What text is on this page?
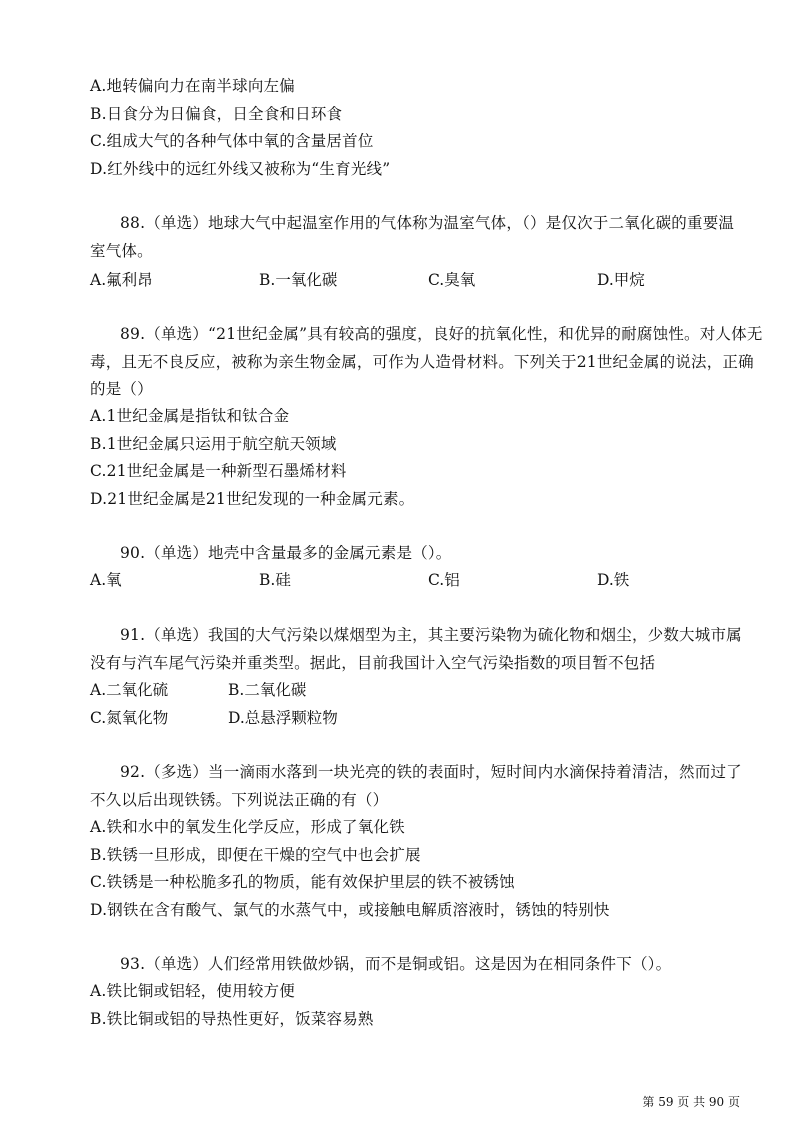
A.地转偏向力在南半球向左偏
B.日食分为日偏食，日全食和日环食
C.组成大气的各种气体中氧的含量居首位
D.红外线中的远红外线又被称为“生育光线”
88.（单选）地球大气中起温室作用的气体称为温室气体，（）是仅次于二氧化碳的重要温
室气体。
A.氟利昂	B.一氧化碳	C.臭氧	D.甲烷
89.（单选）“21世纪金属”具有较高的强度，良好的抗氧化性，和优异的耐腐蚀性。对人体无
毒，且无不良反应，被称为亲生物金属，可作为人造骨材料。下列关于21世纪金属的说法，正确
的是（）
A.1世纪金属是指钛和钛合金
B.1世纪金属只运用于航空航天领域
C.21世纪金属是一种新型石墨烯材料
D.21世纪金属是21世纪发现的一种金属元素。
90.（单选）地壳中含量最多的金属元素是（）。
A.氧	B.硅	C.铝	D.铁
91.（单选）我国的大气污染以煤烟型为主，其主要污染物为硫化物和烟尘，少数大城市属
没有与汽车尾气污染并重类型。据此，目前我国计入空气污染指数的项目暂不包括
A.二氧化硫	B.二氧化碳
C.氮氧化物	D.总悬浮颗粒物
92.（多选）当一滴雨水落到一块光亮的铁的表面时，短时间内水滴保持着清洁，然而过了
不久以后出现铁锈。下列说法正确的有（）
A.铁和水中的氧发生化学反应，形成了氧化铁
B.铁锈一旦形成，即便在干燥的空气中也会扩展
C.铁锈是一种松脆多孔的物质，能有效保护里层的铁不被锈蚀
D.钢铁在含有酸气、氯气的水蒸气中，或接触电解质溶液时，锈蚀的特别快
93.（单选）人们经常用铁做炒锅，而不是铜或铝。这是因为在相同条件下（）。
A.铁比铜或铝轻，使用较方便
B.铁比铜或铝的导热性更好，饭菜容易熟
第 59 页 共 90 页
